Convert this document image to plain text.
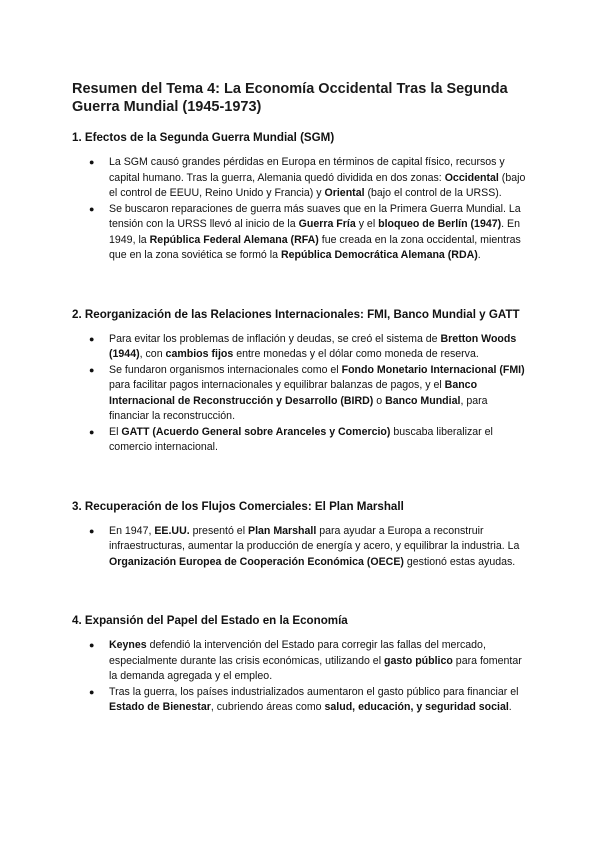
Resumen del Tema 4: La Economía Occidental Tras la Segunda Guerra Mundial (1945-1973)
1. Efectos de la Segunda Guerra Mundial (SGM)
● La SGM causó grandes pérdidas en Europa en términos de capital físico, recursos y capital humano. Tras la guerra, Alemania quedó dividida en dos zonas: Occidental (bajo el control de EEUU, Reino Unido y Francia) y Oriental (bajo el control de la URSS).
● Se buscaron reparaciones de guerra más suaves que en la Primera Guerra Mundial. La tensión con la URSS llevó al inicio de la Guerra Fría y el bloqueo de Berlín (1947). En 1949, la República Federal Alemana (RFA) fue creada en la zona occidental, mientras que en la zona soviética se formó la República Democrática Alemana (RDA).
2. Reorganización de las Relaciones Internacionales: FMI, Banco Mundial y GATT
● Para evitar los problemas de inflación y deudas, se creó el sistema de Bretton Woods (1944), con cambios fijos entre monedas y el dólar como moneda de reserva.
● Se fundaron organismos internacionales como el Fondo Monetario Internacional (FMI) para facilitar pagos internacionales y equilibrar balanzas de pagos, y el Banco Internacional de Reconstrucción y Desarrollo (BIRD) o Banco Mundial, para financiar la reconstrucción.
● El GATT (Acuerdo General sobre Aranceles y Comercio) buscaba liberalizar el comercio internacional.
3. Recuperación de los Flujos Comerciales: El Plan Marshall
● En 1947, EE.UU. presentó el Plan Marshall para ayudar a Europa a reconstruir infraestructuras, aumentar la producción de energía y acero, y equilibrar la industria. La Organización Europea de Cooperación Económica (OECE) gestionó estas ayudas.
4. Expansión del Papel del Estado en la Economía
● Keynes defendió la intervención del Estado para corregir las fallas del mercado, especialmente durante las crisis económicas, utilizando el gasto público para fomentar la demanda agregada y el empleo.
● Tras la guerra, los países industrializados aumentaron el gasto público para financiar el Estado de Bienestar, cubriendo áreas como salud, educación, y seguridad social.
